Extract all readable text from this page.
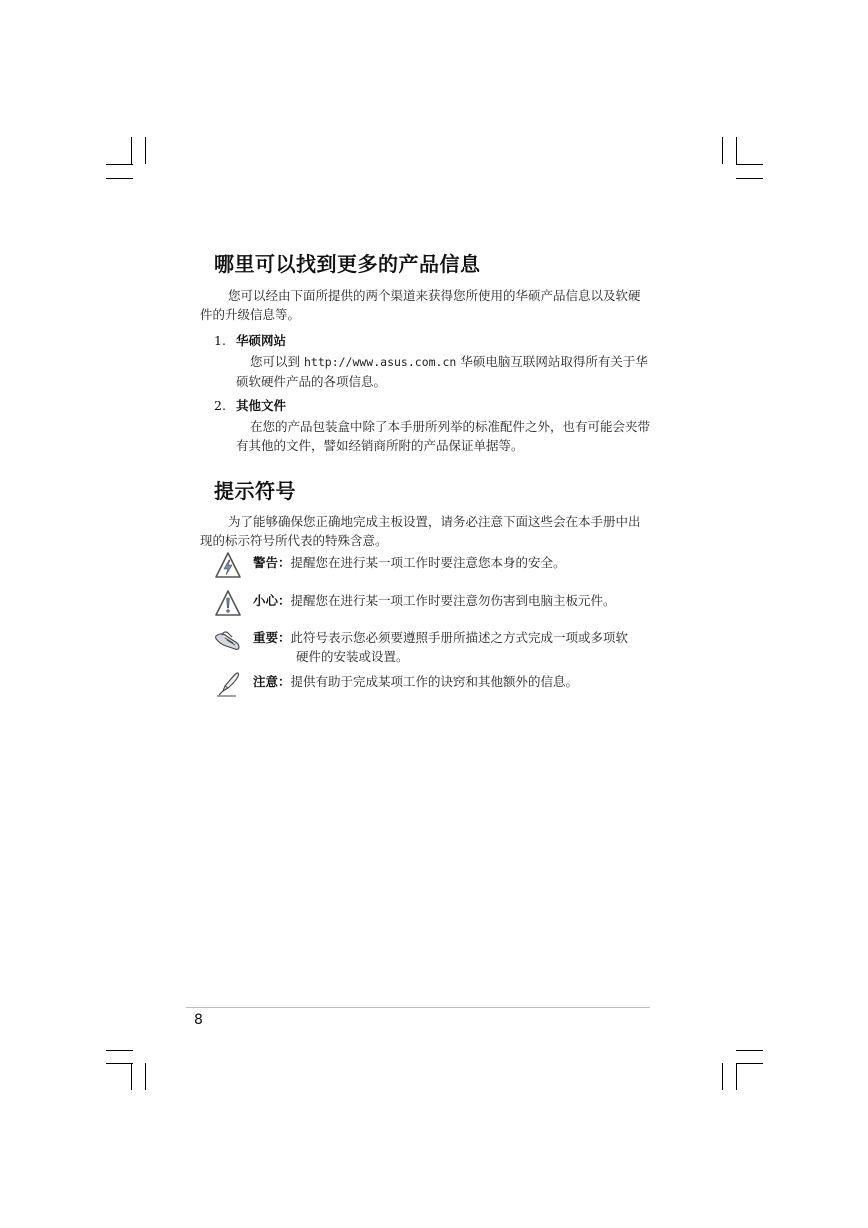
哪里可以找到更多的产品信息

您可以经由下面所提供的两个渠道来获得您所使用的华硕产品信息以及软硬件的升级信息等。

1. 华硕网站

您可以到 http://www.asus.com.cn 华硕电脑互联网站取得所有关于华硕软硬件产品的各项信息。

2. 其他文件

在您的产品包装盒中除了本手册所列举的标准配件之外，也有可能会夹带有其他的文件，譬如经销商所附的产品保证单据等。

提示符号

为了能够确保您正确地完成主板设置，请务必注意下面这些会在本手册中出现的标示符号所代表的特殊含意。

警告：提醒您在进行某一项工作时要注意您本身的安全。
小心：提醒您在进行某一项工作时要注意勿伤害到电脑主板元件。
重要：此符号表示您必须要遵照手册所描述之方式完成一项或多项软
硬件的安装或设置。
注意：提供有助于完成某项工作的诀窍和其他额外的信息。
8
